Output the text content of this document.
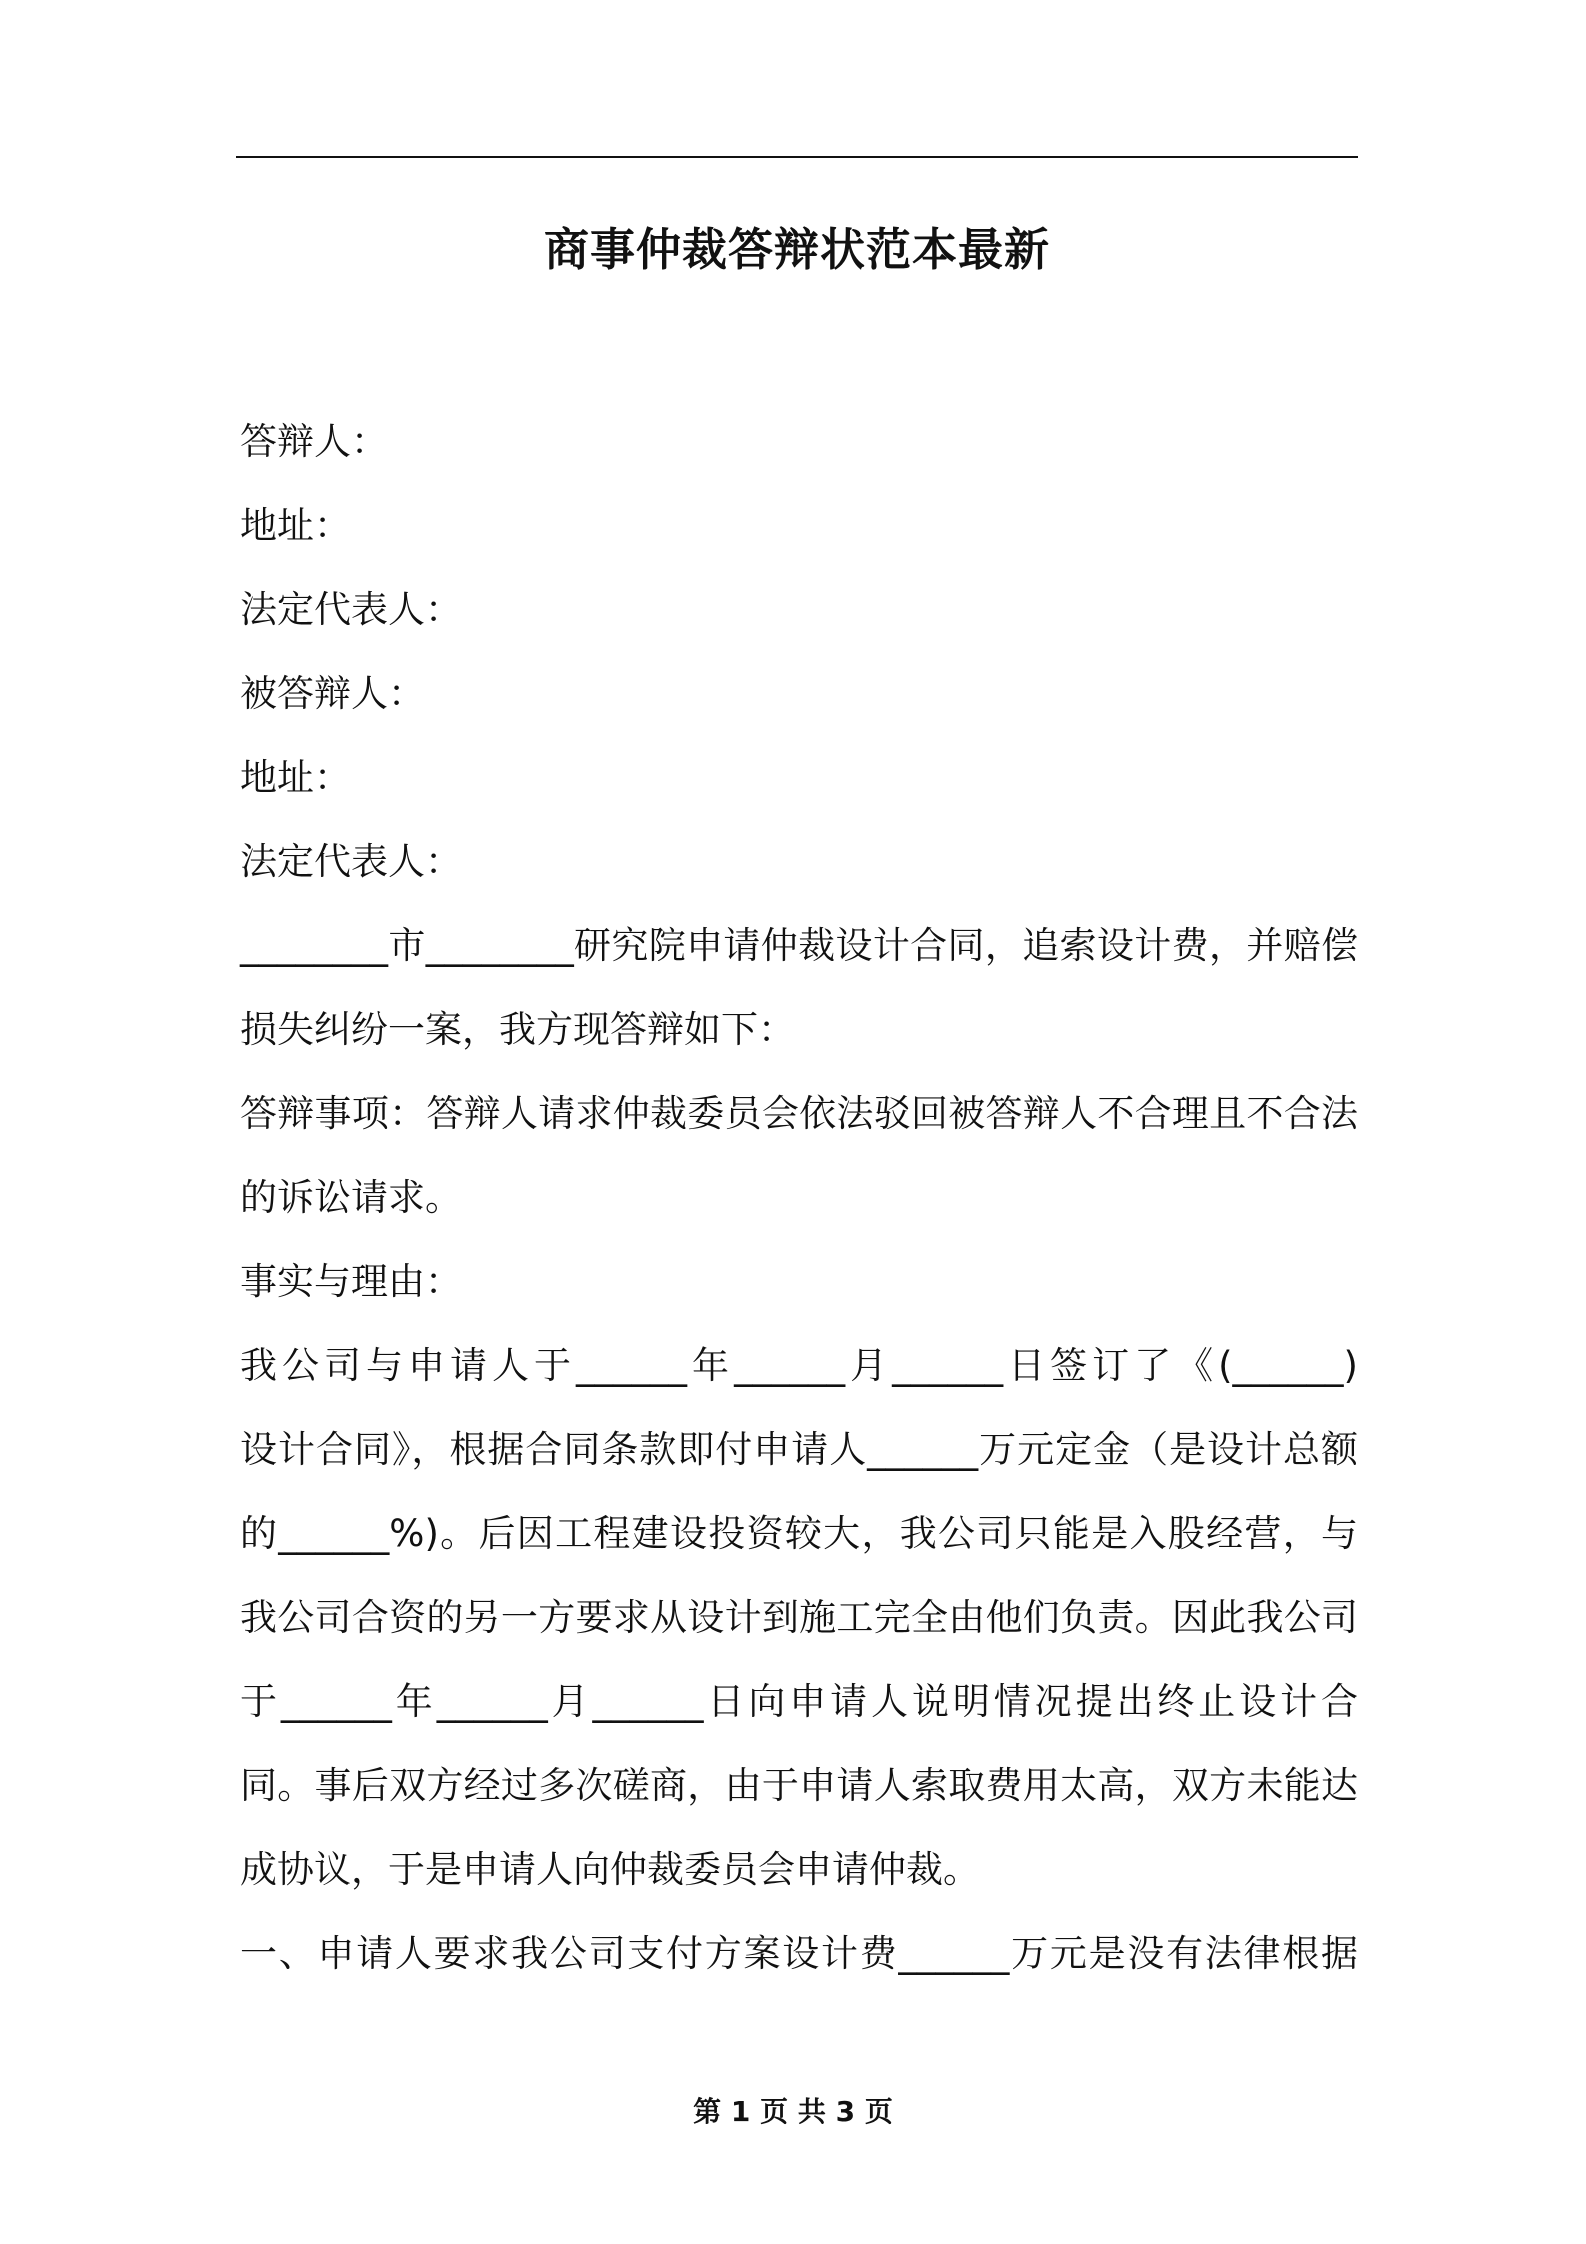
商事仲裁答辩状范本最新
答辩人：
地址：
法定代表人：
被答辩人：
地址：
法定代表人：
________市________研究院申请仲裁设计合同，追索设计费，并赔偿
损失纠纷一案，我方现答辩如下：
答辩事项：答辩人请求仲裁委员会依法驳回被答辩人不合理且不合法
的诉讼请求。
事实与理由：
我公司与申请人于______年______月______日签订了《(______)
设计合同》，根据合同条款即付申请人______万元定金（是设计总额
的______%)。后因工程建设投资较大，我公司只能是入股经营，与
我公司合资的另一方要求从设计到施工完全由他们负责。因此我公司
于______年______月______日向申请人说明情况提出终止设计合
同。事后双方经过多次磋商，由于申请人索取费用太高，双方未能达
成协议，于是申请人向仲裁委员会申请仲裁。
一、申请人要求我公司支付方案设计费______万元是没有法律根据
第 1 页 共 3 页
